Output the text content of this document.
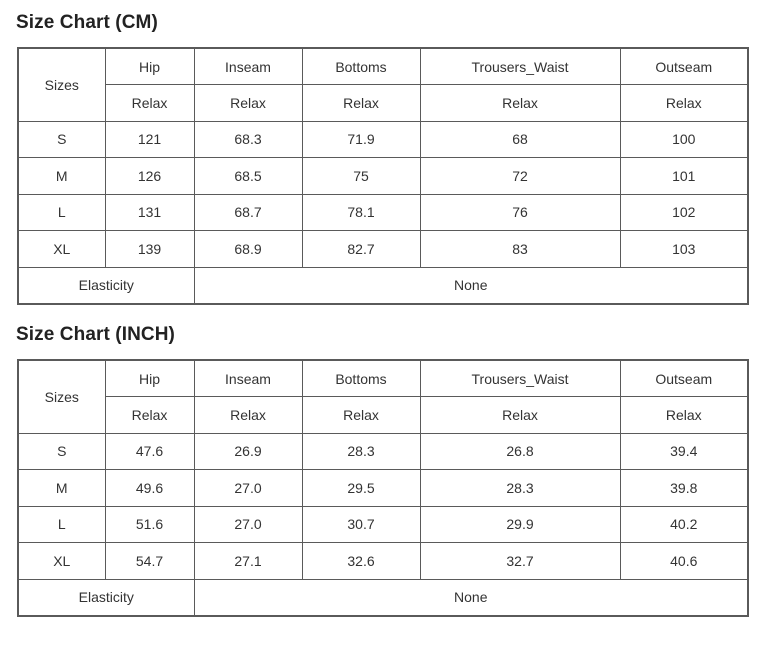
Size Chart (CM)
Sizes	Hip	Inseam	Bottoms	Trousers_Waist	Outseam
	Relax	Relax	Relax	Relax	Relax
S	121	68.3	71.9	68	100
M	126	68.5	75	72	101
L	131	68.7	78.1	76	102
XL	139	68.9	82.7	83	103
Elasticity		None			
Size Chart (INCH)
Sizes	Hip	Inseam	Bottoms	Trousers_Waist	Outseam
	Relax	Relax	Relax	Relax	Relax
S	47.6	26.9	28.3	26.8	39.4
M	49.6	27.0	29.5	28.3	39.8
L	51.6	27.0	30.7	29.9	40.2
XL	54.7	27.1	32.6	32.7	40.6
Elasticity		None			
